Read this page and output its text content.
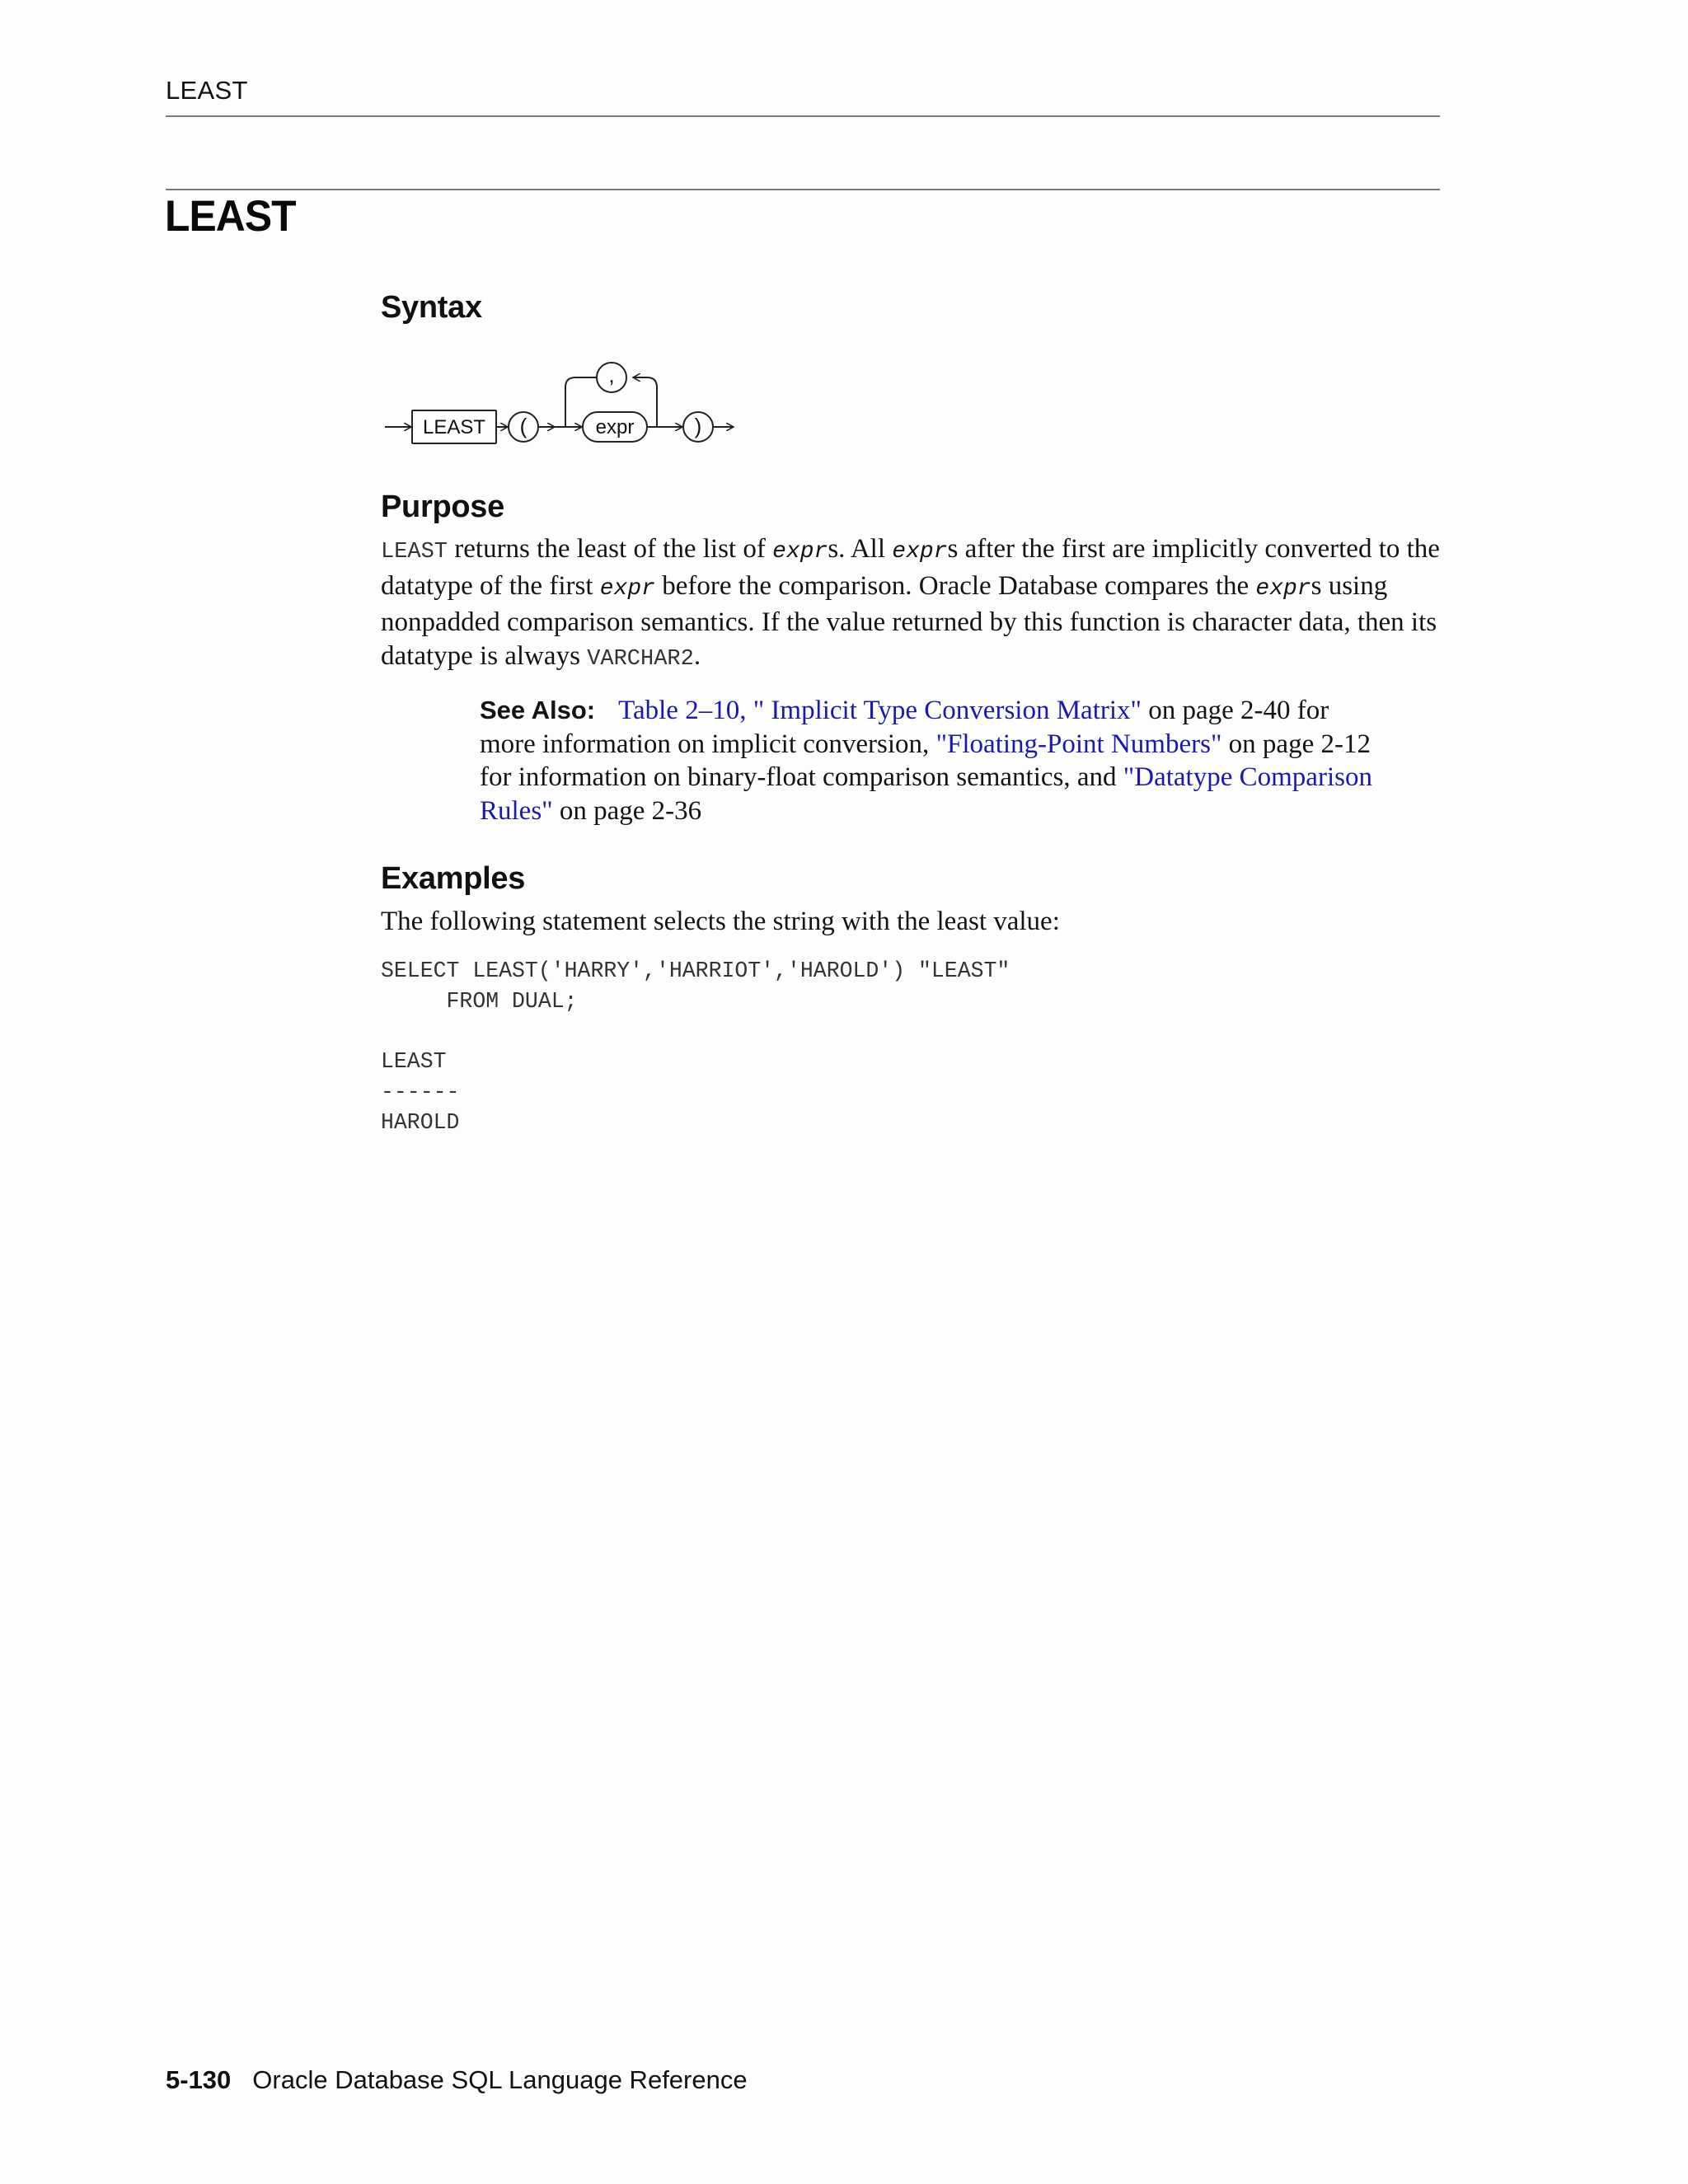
LEAST
LEAST
Syntax
LEAST (	expr	)
,
Purpose
LEAST returns the least of the list of exprs. All exprs after the first are implicitly converted to the datatype of the first expr before the comparison. Oracle Database compares the exprs using nonpadded comparison semantics. If the value returned by this function is character data, then its datatype is always VARCHAR2.
See Also: Table 2–10, " Implicit Type Conversion Matrix" on page 2-40 for more information on implicit conversion, "Floating-Point Numbers" on page 2-12 for information on binary-float comparison semantics, and "Datatype Comparison Rules" on page 2-36
Examples
The following statement selects the string with the least value:
SELECT LEAST('HARRY','HARRIOT','HAROLD') "LEAST"
FROM DUAL;

LEAST
------
HAROLD
5-130 Oracle Database SQL Language Reference
